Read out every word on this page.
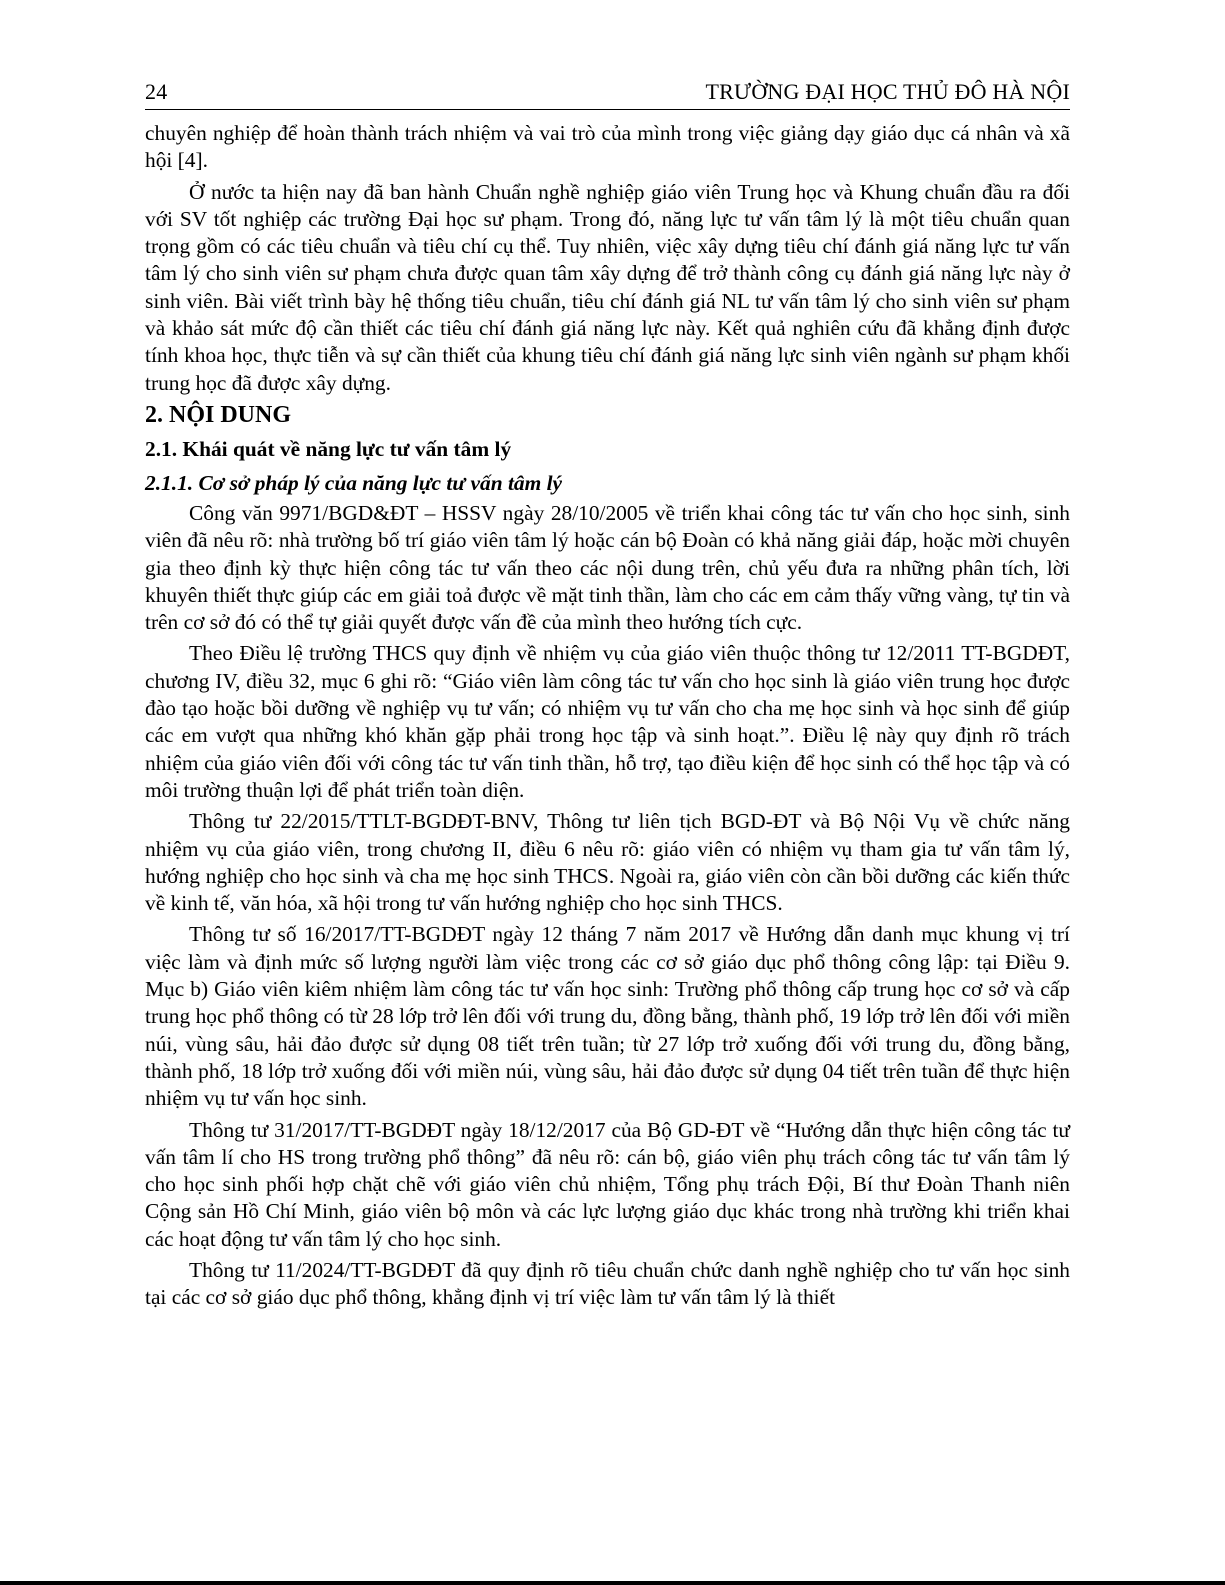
24	TRƯỜNG ĐẠI HỌC THỦ ĐÔ HÀ NỘI

chuyên nghiệp để hoàn thành trách nhiệm và vai trò của mình trong việc giảng dạy giáo dục cá nhân và xã hội [4].

Ở nước ta hiện nay đã ban hành Chuẩn nghề nghiệp giáo viên Trung học và Khung chuẩn đầu ra đối với SV tốt nghiệp các trường Đại học sư phạm. Trong đó, năng lực tư vấn tâm lý là một tiêu chuẩn quan trọng gồm có các tiêu chuẩn và tiêu chí cụ thể. Tuy nhiên, việc xây dựng tiêu chí đánh giá năng lực tư vấn tâm lý cho sinh viên sư phạm chưa được quan tâm xây dựng để trở thành công cụ đánh giá năng lực này ở sinh viên. Bài viết trình bày hệ thống tiêu chuẩn, tiêu chí đánh giá NL tư vấn tâm lý cho sinh viên sư phạm và khảo sát mức độ cần thiết các tiêu chí đánh giá năng lực này. Kết quả nghiên cứu đã khẳng định được tính khoa học, thực tiễn và sự cần thiết của khung tiêu chí đánh giá năng lực sinh viên ngành sư phạm khối trung học đã được xây dựng.

2. NỘI DUNG
2.1. Khái quát về năng lực tư vấn tâm lý
2.1.1. Cơ sở pháp lý của năng lực tư vấn tâm lý

Công văn 9971/BGD&ĐT – HSSV ngày 28/10/2005 về triển khai công tác tư vấn cho học sinh, sinh viên đã nêu rõ: nhà trường bố trí giáo viên tâm lý hoặc cán bộ Đoàn có khả năng giải đáp, hoặc mời chuyên gia theo định kỳ thực hiện công tác tư vấn theo các nội dung trên, chủ yếu đưa ra những phân tích, lời khuyên thiết thực giúp các em giải toả được về mặt tinh thần, làm cho các em cảm thấy vững vàng, tự tin và trên cơ sở đó có thể tự giải quyết được vấn đề của mình theo hướng tích cực.

Theo Điều lệ trường THCS quy định về nhiệm vụ của giáo viên thuộc thông tư 12/2011 TT-BGDĐT, chương IV, điều 32, mục 6 ghi rõ: “Giáo viên làm công tác tư vấn cho học sinh là giáo viên trung học được đào tạo hoặc bồi dưỡng về nghiệp vụ tư vấn; có nhiệm vụ tư vấn cho cha mẹ học sinh và học sinh để giúp các em vượt qua những khó khăn gặp phải trong học tập và sinh hoạt.”. Điều lệ này quy định rõ trách nhiệm của giáo viên đối với công tác tư vấn tinh thần, hỗ trợ, tạo điều kiện để học sinh có thể học tập và có môi trường thuận lợi để phát triển toàn diện.

Thông tư 22/2015/TTLT-BGDĐT-BNV, Thông tư liên tịch BGD-ĐT và Bộ Nội Vụ về chức năng nhiệm vụ của giáo viên, trong chương II, điều 6 nêu rõ: giáo viên có nhiệm vụ tham gia tư vấn tâm lý, hướng nghiệp cho học sinh và cha mẹ học sinh THCS. Ngoài ra, giáo viên còn cần bồi dưỡng các kiến thức về kinh tế, văn hóa, xã hội trong tư vấn hướng nghiệp cho học sinh THCS.

Thông tư số 16/2017/TT-BGDĐT ngày 12 tháng 7 năm 2017 về Hướng dẫn danh mục khung vị trí việc làm và định mức số lượng người làm việc trong các cơ sở giáo dục phổ thông công lập: tại Điều 9. Mục b) Giáo viên kiêm nhiệm làm công tác tư vấn học sinh: Trường phổ thông cấp trung học cơ sở và cấp trung học phổ thông có từ 28 lớp trở lên đối với trung du, đồng bằng, thành phố, 19 lớp trở lên đối với miền núi, vùng sâu, hải đảo được sử dụng 08 tiết trên tuần; từ 27 lớp trở xuống đối với trung du, đồng bằng, thành phố, 18 lớp trở xuống đối với miền núi, vùng sâu, hải đảo được sử dụng 04 tiết trên tuần để thực hiện nhiệm vụ tư vấn học sinh.

Thông tư 31/2017/TT-BGDĐT ngày 18/12/2017 của Bộ GD-ĐT về “Hướng dẫn thực hiện công tác tư vấn tâm lí cho HS trong trường phổ thông” đã nêu rõ: cán bộ, giáo viên phụ trách công tác tư vấn tâm lý cho học sinh phối hợp chặt chẽ với giáo viên chủ nhiệm, Tổng phụ trách Đội, Bí thư Đoàn Thanh niên Cộng sản Hồ Chí Minh, giáo viên bộ môn và các lực lượng giáo dục khác trong nhà trường khi triển khai các hoạt động tư vấn tâm lý cho học sinh.

Thông tư 11/2024/TT-BGDĐT đã quy định rõ tiêu chuẩn chức danh nghề nghiệp cho tư vấn học sinh tại các cơ sở giáo dục phổ thông, khẳng định vị trí việc làm tư vấn tâm lý là thiết
